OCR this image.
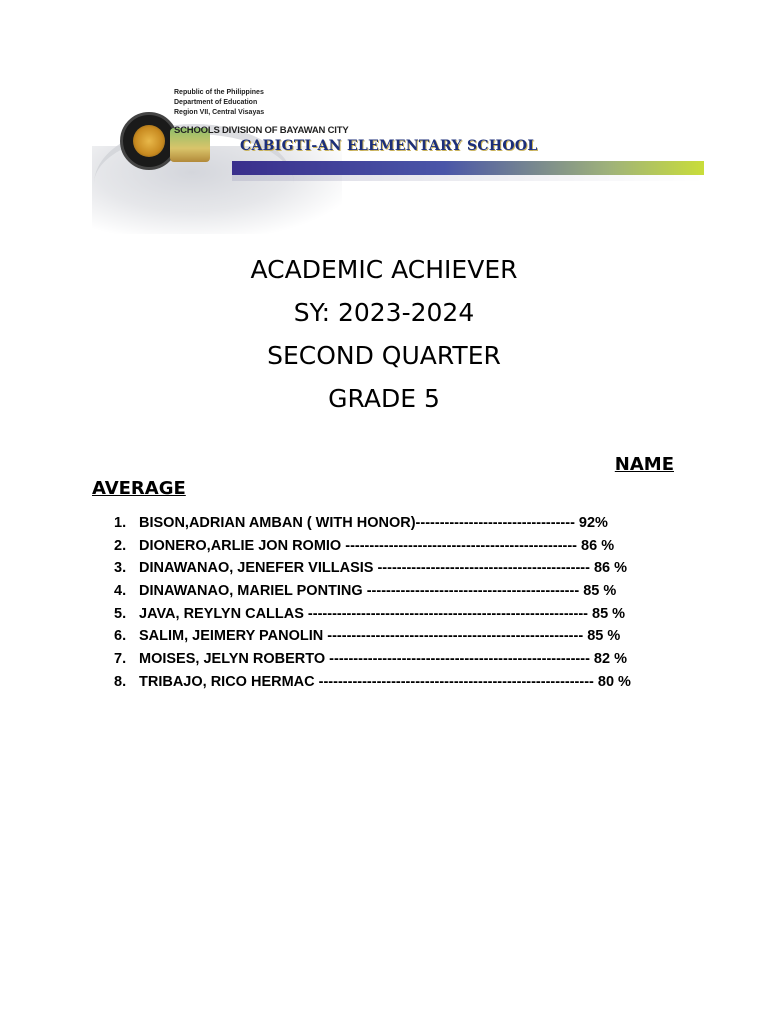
Republic of the Philippines
Department of Education
Region VII, Central Visayas
SCHOOLS DIVISION OF BAYAWAN CITY
CABIGTI-AN ELEMENTARY SCHOOL
ACADEMIC ACHIEVER
SY: 2023-2024
SECOND QUARTER
GRADE 5
NAME
AVERAGE
1. BISON,ADRIAN AMBAN ( WITH HONOR)--------------------------------- 92%
2. DIONERO,ARLIE JON ROMIO ------------------------------------------------ 86 %
3. DINAWANAO, JENEFER VILLASIS -------------------------------------------- 86 %
4. DINAWANAO, MARIEL PONTING -------------------------------------------- 85 %
5. JAVA, REYLYN CALLAS ---------------------------------------------------------- 85 %
6. SALIM, JEIMERY PANOLIN ----------------------------------------------------- 85 %
7. MOISES, JELYN ROBERTO ------------------------------------------------------ 82 %
8. TRIBAJO, RICO HERMAC --------------------------------------------------------- 80 %
